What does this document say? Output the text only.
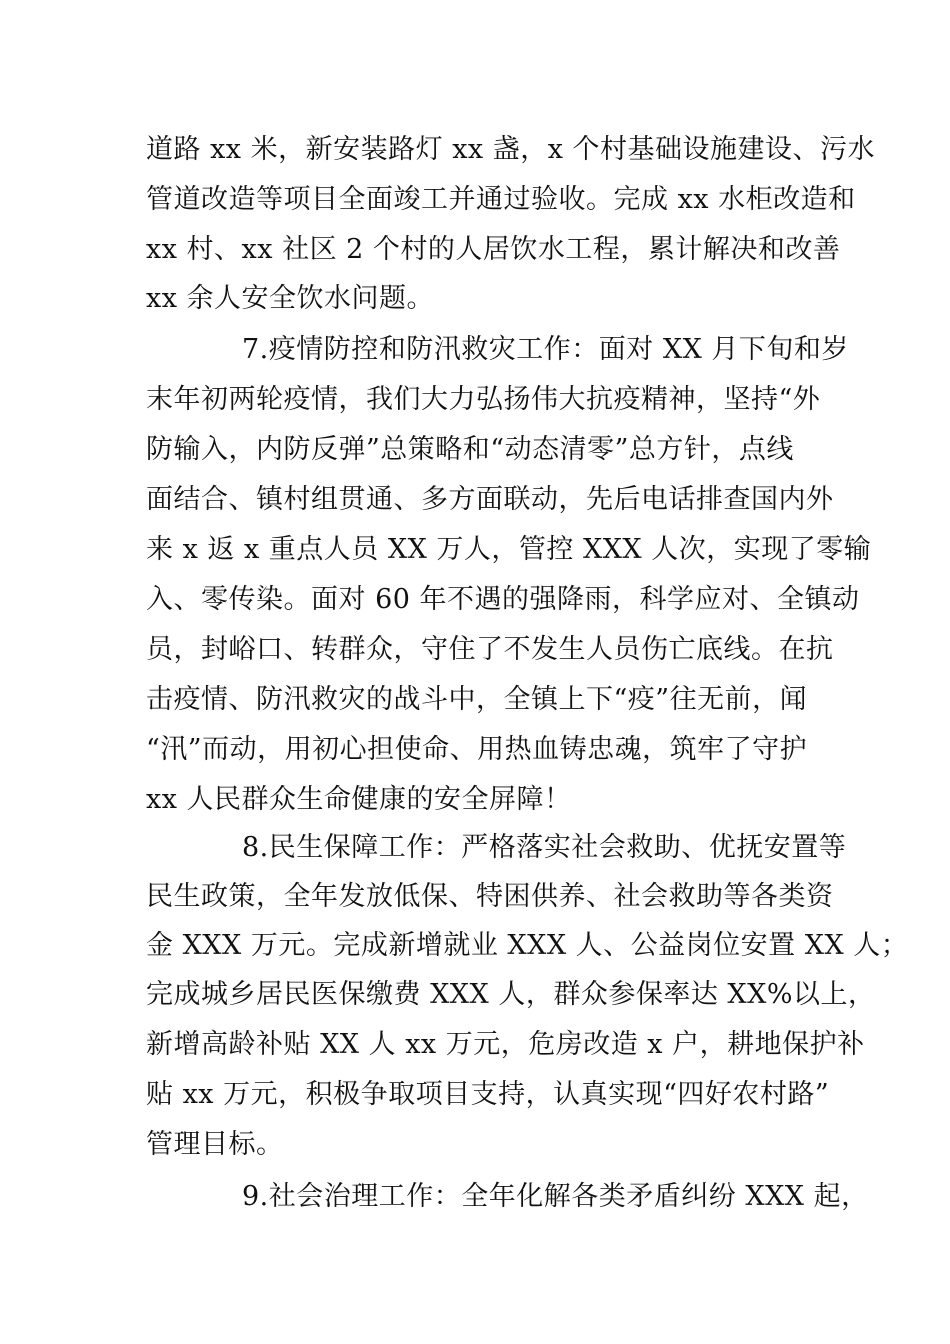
道路 xx 米，新安装路灯 xx 盏，x 个村基础设施建设、污水
管道改造等项目全面竣工并通过验收。完成 xx 水柜改造和
xx 村、xx 社区 2 个村的人居饮水工程，累计解决和改善
xx 余人安全饮水问题。
7.疫情防控和防汛救灾工作：面对 XX 月下旬和岁
末年初两轮疫情，我们大力弘扬伟大抗疫精神，坚持“外
防输入，内防反弹”总策略和“动态清零”总方针，点线
面结合、镇村组贯通、多方面联动，先后电话排查国内外
来 x 返 x 重点人员 XX 万人，管控 XXX 人次，实现了零输
入、零传染。面对 60 年不遇的强降雨，科学应对、全镇动
员，封峪口、转群众，守住了不发生人员伤亡底线。在抗
击疫情、防汛救灾的战斗中，全镇上下“疫”往无前，闻
“汛”而动，用初心担使命、用热血铸忠魂，筑牢了守护
xx 人民群众生命健康的安全屏障！
8.民生保障工作：严格落实社会救助、优抚安置等
民生政策，全年发放低保、特困供养、社会救助等各类资
金 XXX 万元。完成新增就业 XXX 人、公益岗位安置 XX 人；
完成城乡居民医保缴费 XXX 人，群众参保率达 XX%以上，
新增高龄补贴 XX 人 xx 万元，危房改造 x 户，耕地保护补
贴 xx 万元，积极争取项目支持，认真实现“四好农村路”
管理目标。
9.社会治理工作：全年化解各类矛盾纠纷 XXX 起，
